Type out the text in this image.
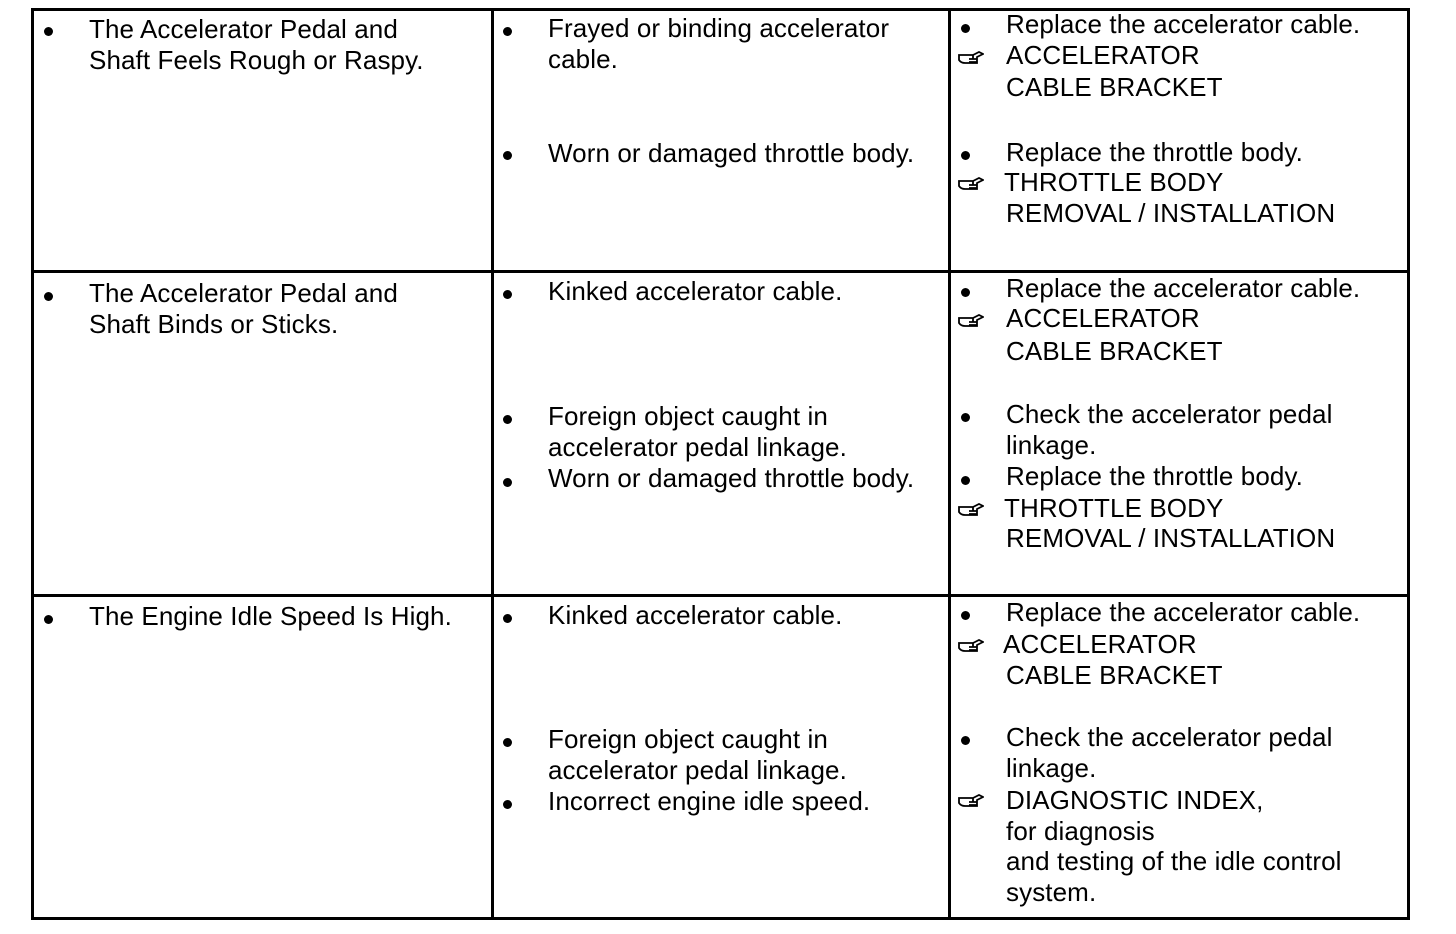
The Accelerator Pedal and
Shaft Feels Rough or Raspy.
Frayed or binding accelerator
cable.
Worn or damaged throttle body.
Replace the accelerator cable.
ACCELERATOR
CABLE BRACKET
Replace the throttle body.
THROTTLE BODY
REMOVAL / INSTALLATION
The Accelerator Pedal and
Shaft Binds or Sticks.
Kinked accelerator cable.
Foreign object caught in
accelerator pedal linkage.
Worn or damaged throttle body.
Replace the accelerator cable.
ACCELERATOR
CABLE BRACKET
Check the accelerator pedal
linkage.
Replace the throttle body.
THROTTLE BODY
REMOVAL / INSTALLATION
The Engine Idle Speed Is High.	Kinked accelerator cable.
Foreign object caught in
accelerator pedal linkage.
Incorrect engine idle speed.
Replace the accelerator cable.
ACCELERATOR
CABLE BRACKET
Check the accelerator pedal
linkage.
DIAGNOSTIC INDEX,
for diagnosis
and testing of the idle control
system.
